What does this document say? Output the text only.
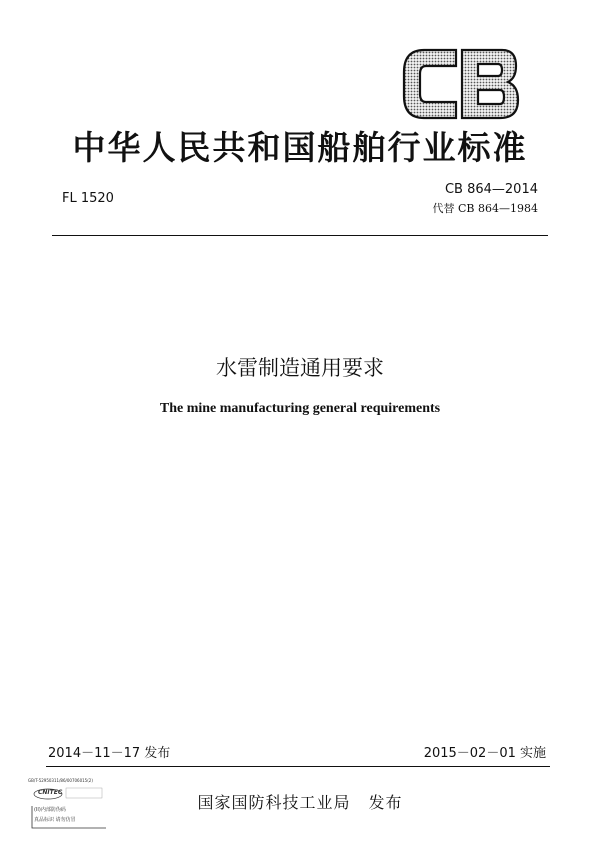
中华人民共和国船舶行业标准
FL 1520
CB 864—2014
代替 CB 864—1984
水雷制造通用要求
The mine manufacturing general requirements
2014－11－17 发布	2015－02－01 实施
GB/T-52950311/86/00706015(2)
CNITEC
(II)内部防伪码
真品标识 请勿仿冒
国家国防科技工业局 发布
